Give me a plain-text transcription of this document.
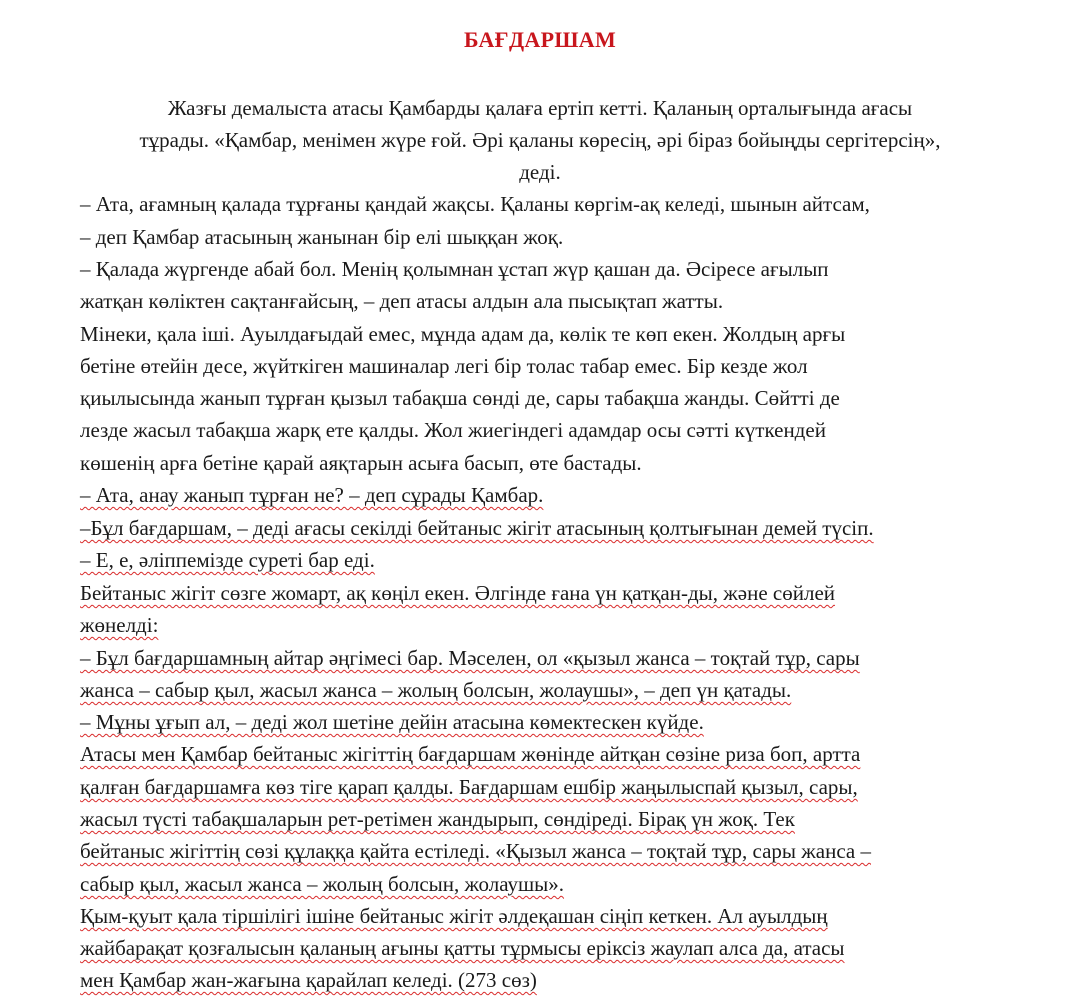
БАҒДАРШАМ
Жазғы демалыста атасы Қамбарды қалаға ертіп кетті. Қаланың орталығында ағасы
тұрады. «Қамбар, менімен жүре ғой. Әрі қаланы көресің, әрі біраз бойыңды сергітерсің»,
деді.
– Ата, ағамның қалада тұрғаны қандай жақсы. Қаланы көргім-ақ келеді, шынын айтсам,
– деп Қамбар атасының жанынан бір елі шыққан жоқ.
– Қалада жүргенде абай бол. Менің қолымнан ұстап жүр қашан да. Әсіресе ағылып
жатқан көліктен сақтанғайсың, – деп атасы алдын ала пысықтап жатты.
Мінеки, қала іші. Ауылдағыдай емес, мұнда адам да, көлік те көп екен. Жолдың арғы
бетіне өтейін десе, жүйткіген машиналар легі бір толас табар емес. Бір кезде жол
қиылысында жанып тұрған қызыл табақша сөнді де, сары табақша жанды. Сөйтті де
лезде жасыл табақша жарқ ете қалды. Жол жиегіндегі адамдар осы сәтті күткендей
көшенің арға бетіне қарай аяқтарын асыға басып, өте бастады.
– Ата, анау жанып тұрған не? – деп сұрады Қамбар.
–Бұл бағдаршам, – деді ағасы секілді бейтаныс жігіт атасының қолтығынан демей түсіп.
– Е, е, әліппемізде суреті бар еді.
Бейтаныс жігіт сөзге жомарт, ақ көңіл екен. Әлгінде ғана үн қатқан-ды, және сөйлей
жөнелді:
– Бұл бағдаршамның айтар әңгімесі бар. Мәселен, ол «қызыл жанса – тоқтай тұр, сары
жанса – сабыр қыл, жасыл жанса – жолың болсын, жолаушы», – деп үн қатады.
– Мұны ұғып ал, – деді жол шетіне дейін атасына көмектескен күйде.
Атасы мен Қамбар бейтаныс жігіттің бағдаршам жөнінде айтқан сөзіне риза боп, артта
қалған бағдаршамға көз тіге қарап қалды. Бағдаршам ешбір жаңылыспай қызыл, сары,
жасыл түсті табақшаларын рет-ретімен жандырып, сөндіреді. Бірақ үн жоқ. Тек
бейтаныс жігіттің сөзі құлаққа қайта естіледі. «Қызыл жанса – тоқтай тұр, сары жанса –
сабыр қыл, жасыл жанса – жолың болсын, жолаушы».
Қым-қуыт қала тіршілігі ішіне бейтаныс жігіт әлдеқашан сіңіп кеткен. Ал ауылдың
жайбарақат қозғалысын қаланың ағыны қатты тұрмысы еріксіз жаулап алса да, атасы
мен Қамбар жан-жағына қарайлап келеді. (273 сөз)
